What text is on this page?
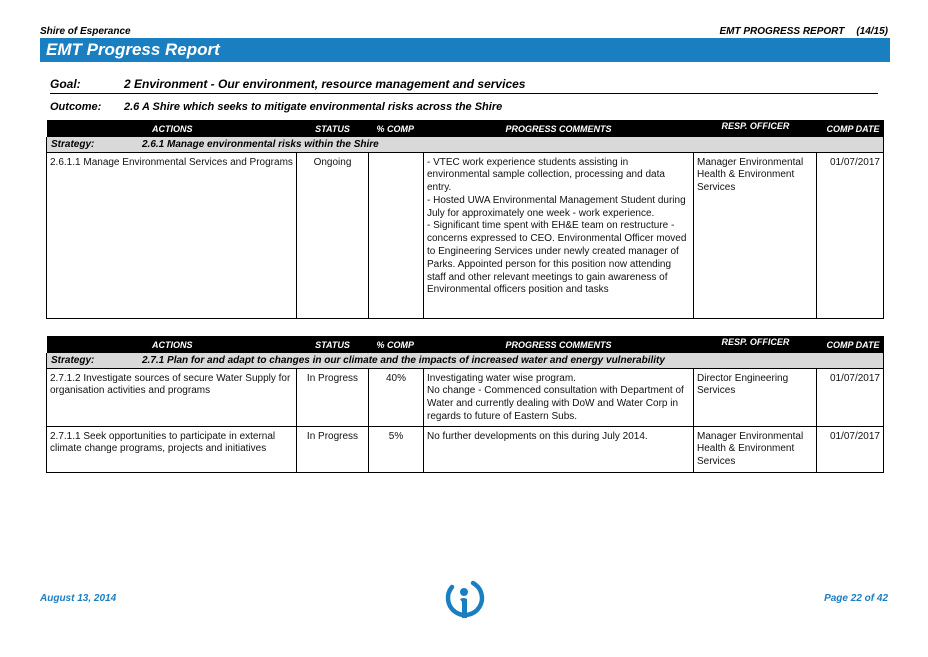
Shire of Esperance	EMT PROGRESS REPORT (14/15)
EMT Progress Report
Goal:	2 Environment - Our environment, resource management and services
Outcome: 2.6 A Shire which seeks to mitigate environmental risks across the Shire
ACTIONS	STATUS	% COMP	PROGRESS COMMENTS	RESP. OFFICER	COMP DATE
Strategy: 2.6.1 Manage environmental risks within the Shire					
2.6.1.1 Manage Environmental Services and Programs	Ongoing		- VTEC work experience students assisting in environmental sample collection, processing and data entry.
- Hosted UWA Environmental Management Student during July for approximately one week - work experience.
- Significant time spent with EH&E team on restructure - concerns expressed to CEO. Environmental Officer moved to Engineering Services under newly created manager of Parks. Appointed person for this position now attending staff and other relevant meetings to gain awareness of Environmental officers position and tasks	Manager Environmental Health & Environment Services	01/07/2017
ACTIONS	STATUS	% COMP	PROGRESS COMMENTS	RESP. OFFICER	COMP DATE
Strategy: 2.7.1 Plan for and adapt to changes in our climate and the impacts of increased water and energy vulnerability					
2.7.1.2 Investigate sources of secure Water Supply for organisation activities and programs	In Progress	40%	Investigating water wise program.
No change - Commenced consultation with Department of Water and currently dealing with DoW and Water Corp in regards to future of Eastern Subs.	Director Engineering Services	01/07/2017
2.7.1.1 Seek opportunities to participate in external climate change programs, projects and initiatives	In Progress	5%	No further developments on this during July 2014.	Manager Environmental Health & Environment Services	01/07/2017
August 13, 2014	Page 22 of 42
